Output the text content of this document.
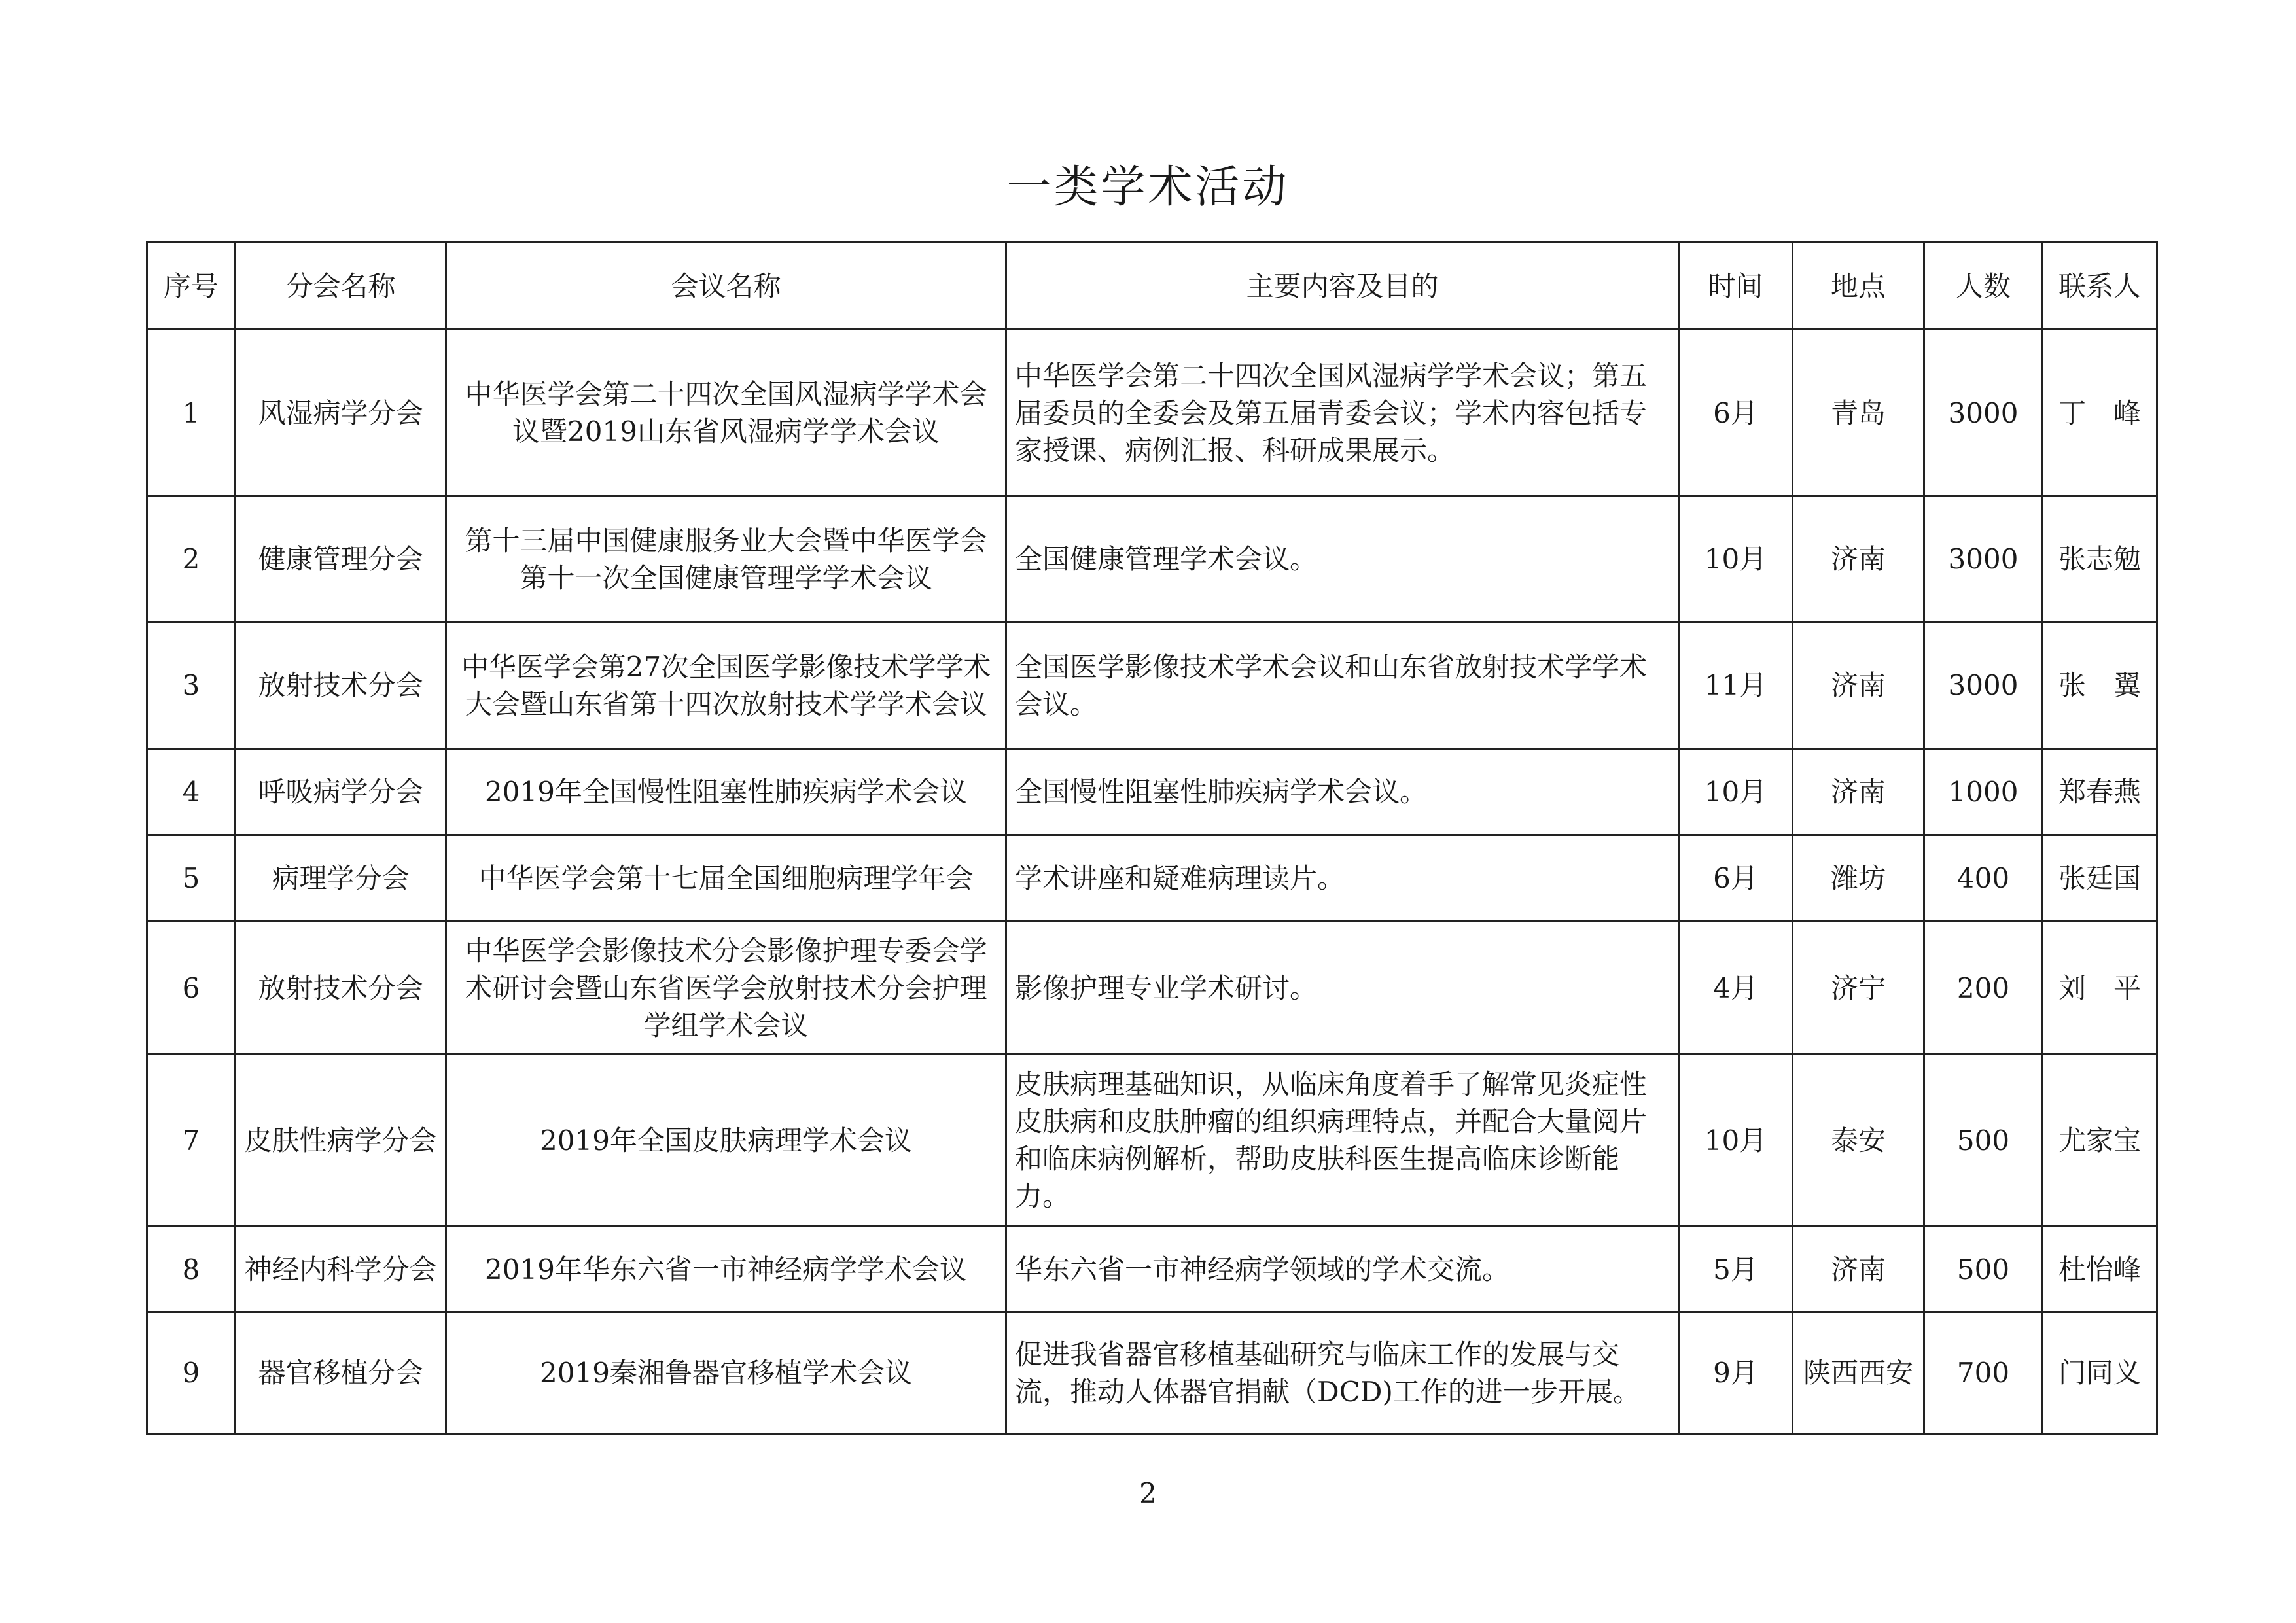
一类学术活动
序号	分会名称	会议名称	主要内容及目的	时间	地点	人数	联系人
1	风湿病学分会	中华医学会第二十四次全国风湿病学学术会议暨2019山东省风湿病学学术会议	中华医学会第二十四次全国风湿病学学术会议；第五届委员的全委会及第五届青委会议；学术内容包括专家授课、病例汇报、科研成果展示。	6月	青岛	3000	丁　峰
2	健康管理分会	第十三届中国健康服务业大会暨中华医学会第十一次全国健康管理学学术会议	全国健康管理学术会议。	10月	济南	3000	张志勉
3	放射技术分会	中华医学会第27次全国医学影像技术学学术大会暨山东省第十四次放射技术学学术会议	全国医学影像技术学术会议和山东省放射技术学学术会议。	11月	济南	3000	张　翼
4	呼吸病学分会	2019年全国慢性阻塞性肺疾病学术会议	全国慢性阻塞性肺疾病学术会议。	10月	济南	1000	郑春燕
5	病理学分会	中华医学会第十七届全国细胞病理学年会	学术讲座和疑难病理读片。	6月	潍坊	400	张廷国
6	放射技术分会	中华医学会影像技术分会影像护理专委会学术研讨会暨山东省医学会放射技术分会护理学组学术会议	影像护理专业学术研讨。	4月	济宁	200	刘　平
7	皮肤性病学分会	2019年全国皮肤病理学术会议	皮肤病理基础知识，从临床角度着手了解常见炎症性皮肤病和皮肤肿瘤的组织病理特点，并配合大量阅片和临床病例解析，帮助皮肤科医生提高临床诊断能力。	10月	泰安	500	尤家宝
8	神经内科学分会	2019年华东六省一市神经病学学术会议	华东六省一市神经病学领域的学术交流。	5月	济南	500	杜怡峰
9	器官移植分会	2019秦湘鲁器官移植学术会议	促进我省器官移植基础研究与临床工作的发展与交流，推动人体器官捐献（DCD)工作的进一步开展。	9月	陕西西安	700	门同义
2
